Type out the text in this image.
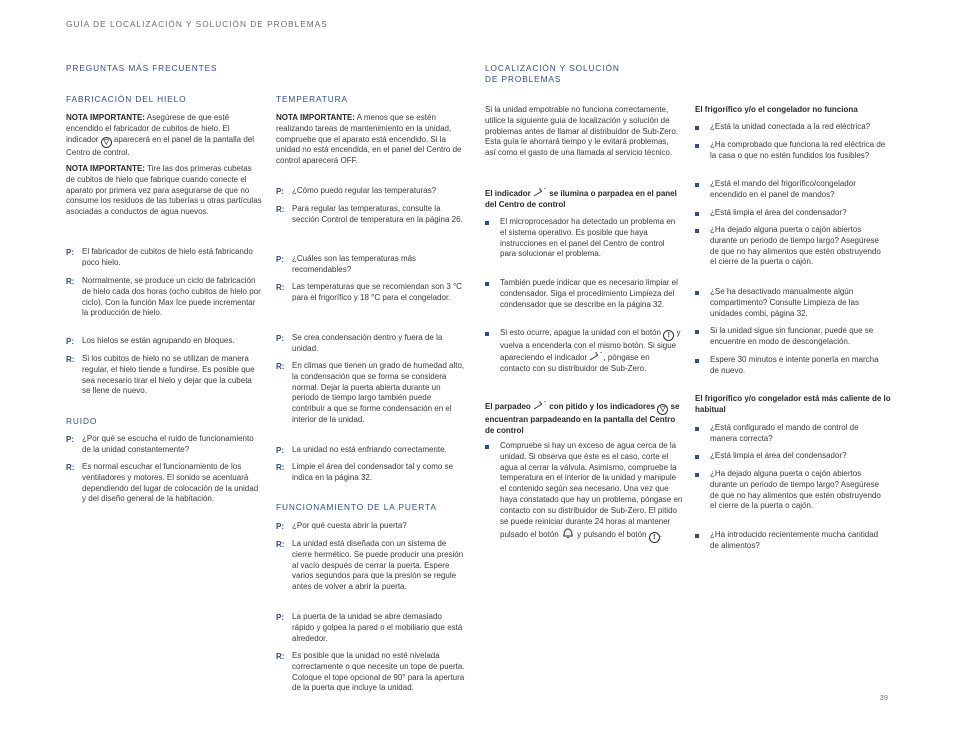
GUÍA DE LOCALIZACIÓN Y SOLUCIÓN DE PROBLEMAS
PREGUNTAS MÁS FRECUENTES
FABRICACIÓN DEL HIELO

NOTA IMPORTANTE: Asegúrese de que esté encendido el fabricador de cubitos de hielo. El indicador ▽ aparecerá en el panel de la pantalla del Centro de control.

NOTA IMPORTANTE: Tire las dos primeras cubetas de cubitos de hielo que fabrique cuando conecte el aparato por primera vez para asegurarse de que no consume los residuos de las tuberías u otras partículas asociadas a conductos de agua nuevos.

P:	El fabricador de cubitos de hielo está fabricando poco hielo.

R: Normalmente, se produce un ciclo de fabricación de hielo cada dos horas (ocho cubitos de hielo por ciclo). Con la función Max Ice puede incrementar la producción de hielo.

P:	Los hielos se están agrupando en bloques.

R: Si los cubitos de hielo no se utilizan de manera regular, el hielo tiende a fundirse. Es posible que sea necesario tirar el hielo y dejar que la cubeta se llene de nuevo.

RUIDO
P:	¿Por qué se escucha el ruido de funcionamiento de la unidad constantemente?

R: Es normal escuchar el funcionamiento de los ventiladores y motores. El sonido se acentuará dependiendo del lugar de colocación de la unidad y del diseño general de la habitación.

TEMPERATURA

NOTA IMPORTANTE: A menos que se estén realizando tareas de mantenimiento en la unidad, compruebe que el aparato está encendido. Si la unidad no está encendida, en el panel del Centro de control aparecerá OFF.

P:	¿Cómo puedo regular las temperaturas?

R: Para regular las temperaturas, consulte la sección Control de temperatura en la página 26.

P:	¿Cuáles son las temperaturas más recomendables?

R: Las temperaturas que se recomiendan son 3 °C para el frigorífico y 18 °C para el congelador.

P:	Se crea condensación dentro y fuera de la unidad.

R: En climas que tienen un grado de humedad alto, la condensación que se forma se considera normal. Dejar la puerta abierta durante un periodo de tiempo largo también puede contribuir a que se forme condensación en el interior de la unidad.

P:	La unidad no está enfriando correctamente.

R: Limpie el área del condensador tal y como se indica en la página 32.

FUNCIONAMIENTO DE LA PUERTA
P:	¿Por qué cuesta abrir la puerta?

R: La unidad está diseñada con un sistema de cierre hermético. Se puede producir una presión al vacío después de cerrar la puerta. Espere varios segundos para que la presión se regule antes de volver a abrir la puerta.

P:	La puerta de la unidad se abre demasiado rápido y golpea la pared o el mobiliario que está alrededor.

R: Es posible que la unidad no esté nivelada correctamente o que necesite un tope de puerta. Coloque el tope opcional de 90° para la apertura de la puerta que incluye la unidad.

LOCALIZACIÓN Y SOLUCIÓN
DE PROBLEMAS

Si la unidad empotrable no funciona correctamente, utilice la siguiente guía de localización y solución de problemas antes de llamar al distribuidor de Sub-Zero. Esta guía le ahorrará tiempo y le evitará problemas, así como el gasto de una llamada al servicio técnico.

El indicador  se ilumina o parpadea en el panel del Centro de control

El microprocesador ha detectado un problema en el sistema operativo. Es posible que haya instrucciones en el panel del Centro de control para solucionar el problema.

También puede indicar que es necesario limpiar el condensador. Siga el procedimiento Limpieza del condensador que se describe en la página 32.

Si esto ocurre, apague la unidad con el botón ! y vuelva a encenderla con el mismo botón. Si sigue apareciendo el indicador , póngase en contacto con su distribuidor de Sub-Zero.

El parpadeo  con pitido y los indicadores ▽ se encuentran parpadeando en la pantalla del Centro de control

Compruebe si hay un exceso de agua cerca de la unidad. Si observa que éste es el caso, corte el agua al cerrar la válvula. Asimismo, compruebe la temperatura en el interior de la unidad y manipule el contenido según sea necesario. Una vez que haya constatado que hay un problema, póngase en contacto con su distribuidor de Sub-Zero. El pitido se puede reiniciar durante 24 horas al mantener pulsado el botón  y pulsando el botón ! .

El frigorífico y/o el congelador no funciona

¿Está la unidad conectada a la red eléctrica?

¿Ha comprobado que funciona la red eléctrica de la casa o que no estén fundidos los fusibles?

¿Está el mando del frigorífico/congelador encendido en el panel de mandos?

¿Está limpia el área del condensador?

¿Ha dejado alguna puerta o cajón abiertos durante un periodo de tiempo largo? Asegúrese de que no hay alimentos que estén obstruyendo el cierre de la puerta o cajón.

¿Se ha desactivado manualmente algún compartimento? Consulte Limpieza de las unidades combi, página 32.

Si la unidad sigue sin funcionar, puede que se encuentre en modo de descongelación.

Espere 30 minutos e intente ponerla en marcha de nuevo.

El frigorífico y/o congelador está más caliente de lo habitual

¿Está configurado el mando de control de manera correcta?

¿Está limpia el área del condensador?

¿Ha dejado alguna puerta o cajón abiertos durante un periodo de tiempo largo? Asegúrese de que no hay alimentos que estén obstruyendo el cierre de la puerta o cajón.

¿Ha introducido recientemente mucha cantidad de alimentos?

39
